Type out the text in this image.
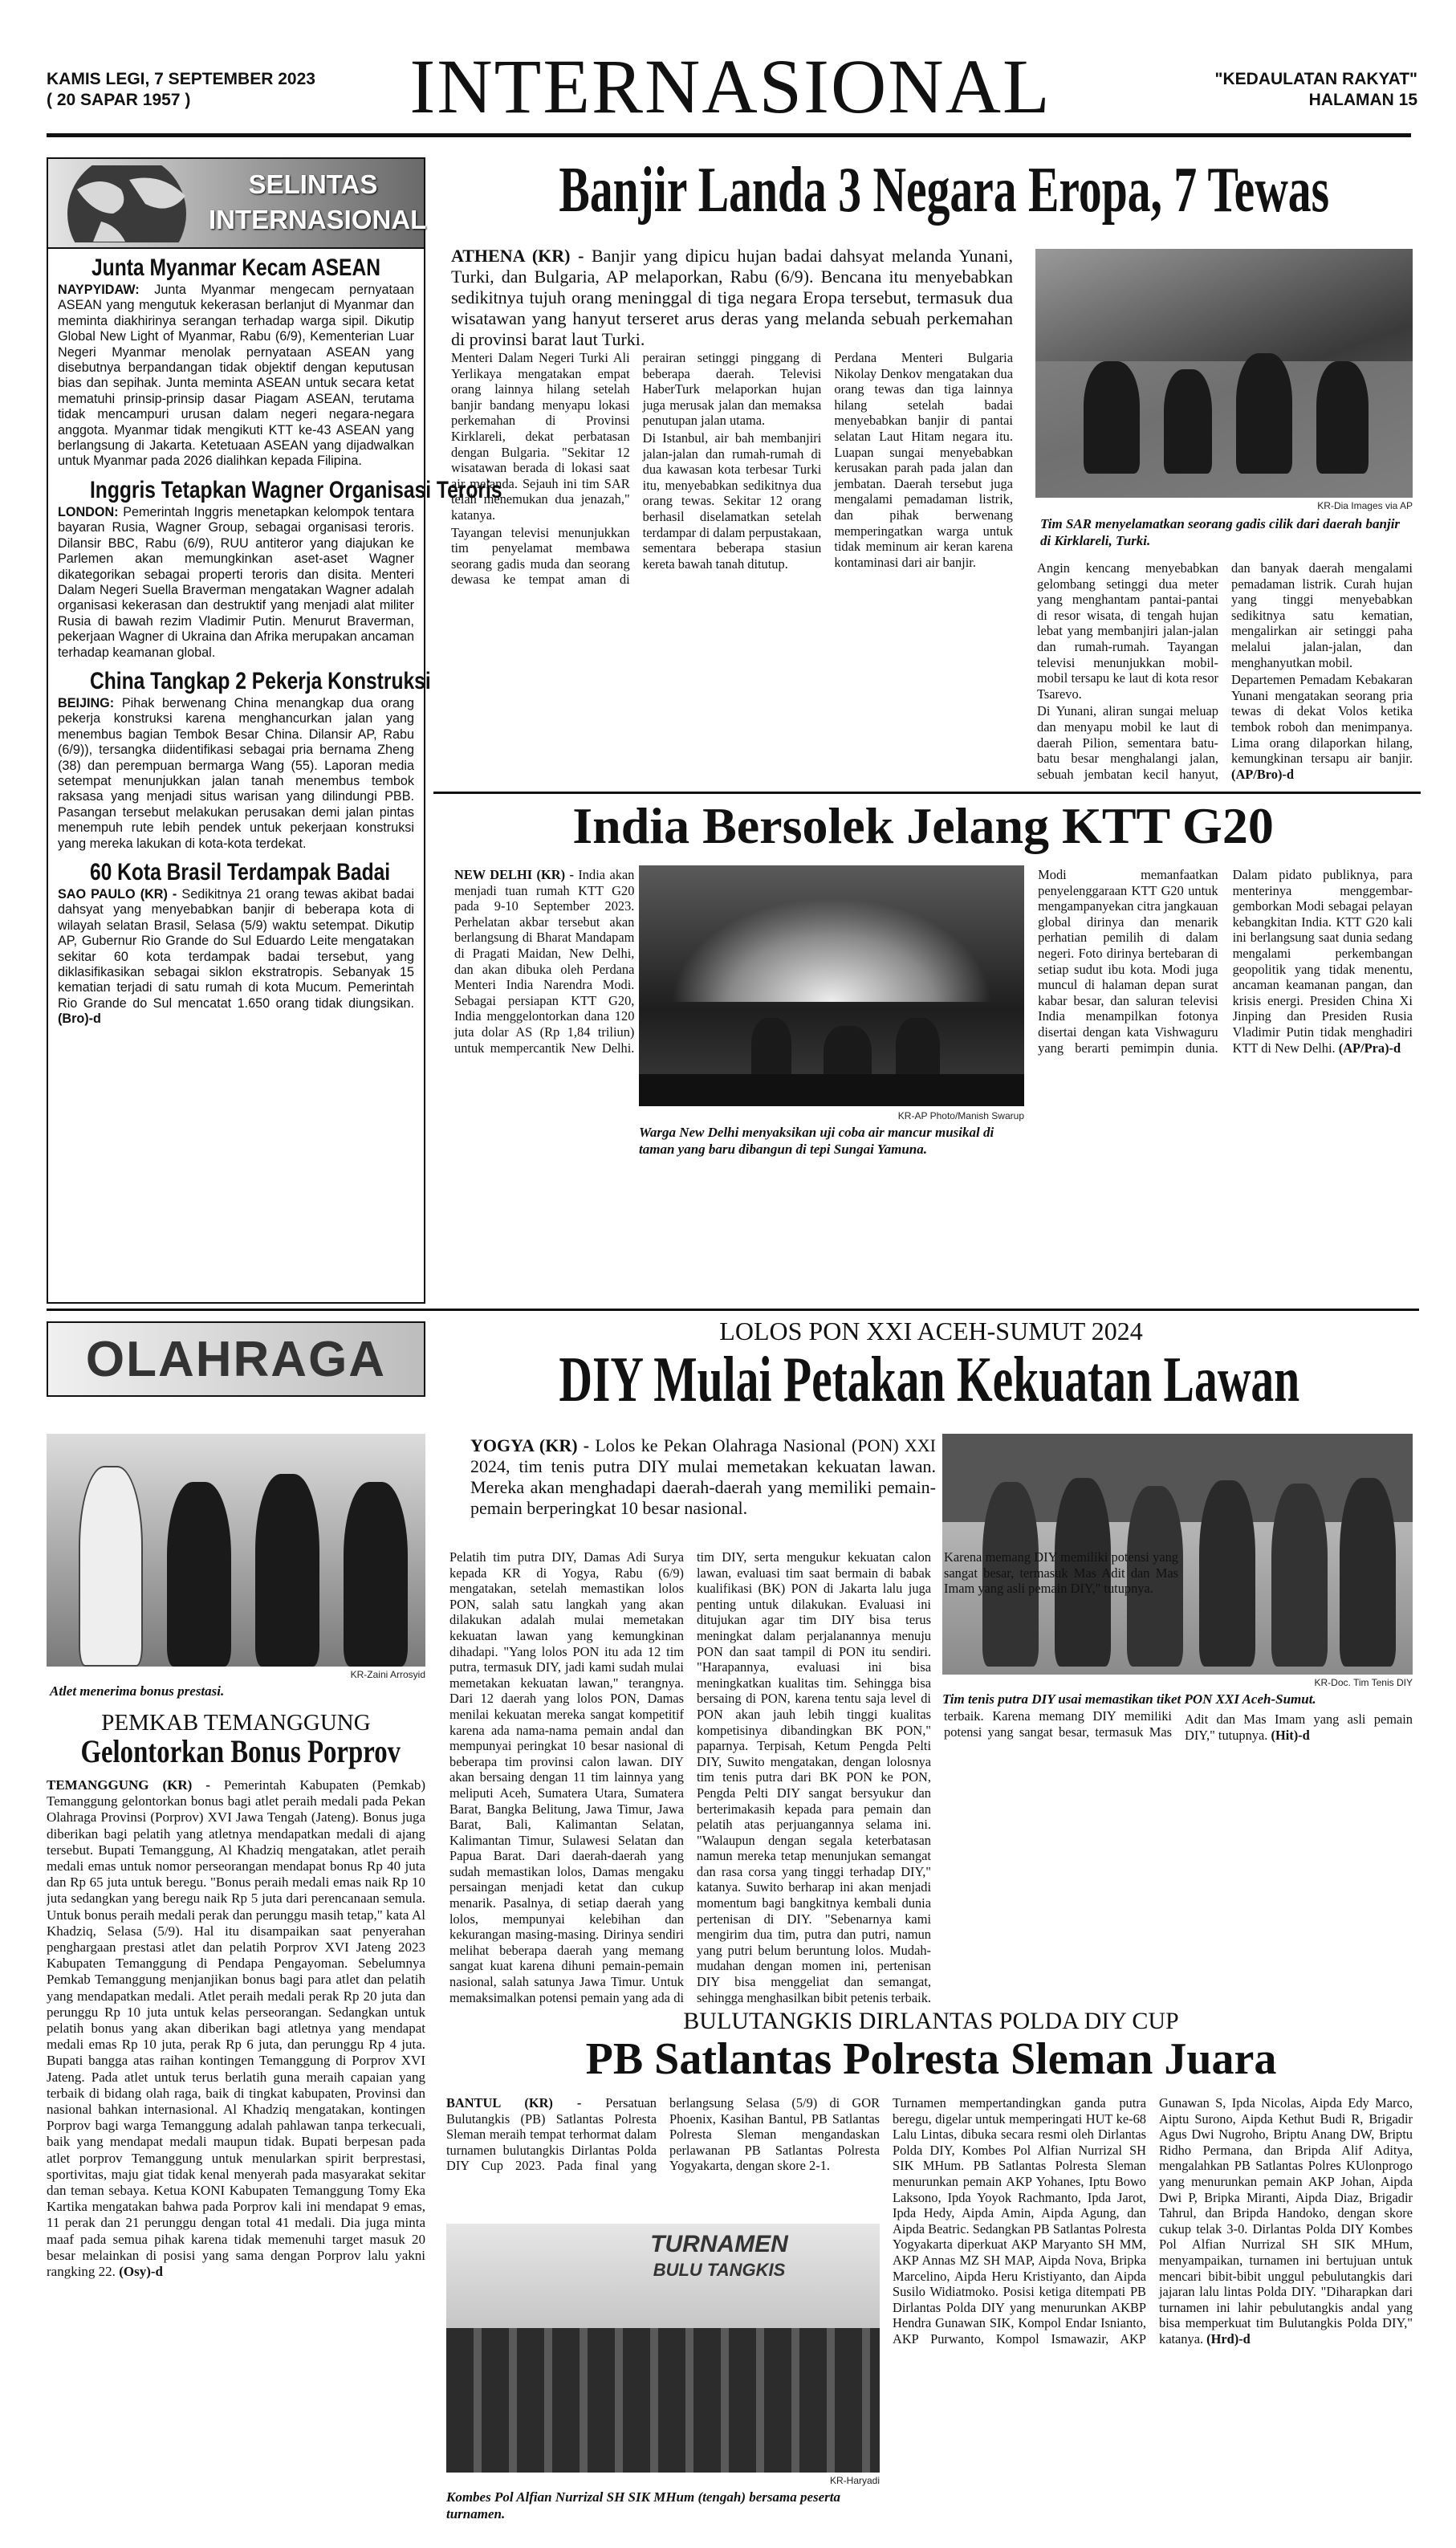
KAMIS LEGI, 7 SEPTEMBER 2023
( 20 SAPAR 1957 )	INTERNASIONAL	"KEDAULATAN RAKYAT"
HALAMAN 15
SELINTAS
INTERNASIONAL
Junta Myanmar Kecam ASEAN

NAYPYIDAW: Junta Myanmar mengecam pernyataan ASEAN yang mengutuk kekerasan berlanjut di Myanmar dan meminta diakhirinya serangan terhadap warga sipil. Dikutip Global New Light of Myanmar, Rabu (6/9), Kementerian Luar Negeri Myanmar menolak pernyataan ASEAN yang disebutnya berpandangan tidak objektif dengan keputusan bias dan sepihak. Junta meminta ASEAN untuk secara ketat mematuhi prinsip-prinsip dasar Piagam ASEAN, terutama tidak mencampuri urusan dalam negeri negara-negara anggota. Myanmar tidak mengikuti KTT ke-43 ASEAN yang berlangsung di Jakarta. Ketetuaan ASEAN yang dijadwalkan untuk Myanmar pada 2026 dialihkan kepada Filipina.

Inggris Tetapkan Wagner Organisasi Teroris

LONDON: Pemerintah Inggris menetapkan kelompok tentara bayaran Rusia, Wagner Group, sebagai organisasi teroris. Dilansir BBC, Rabu (6/9), RUU antiteror yang diajukan ke Parlemen akan memungkinkan aset-aset Wagner dikategorikan sebagai properti teroris dan disita. Menteri Dalam Negeri Suella Braverman mengatakan Wagner adalah organisasi kekerasan dan destruktif yang menjadi alat militer Rusia di bawah rezim Vladimir Putin. Menurut Braverman, pekerjaan Wagner di Ukraina dan Afrika merupakan ancaman terhadap keamanan global.

China Tangkap 2 Pekerja Konstruksi

BEIJING: Pihak berwenang China menangkap dua orang pekerja konstruksi karena menghancurkan jalan yang menembus bagian Tembok Besar China. Dilansir AP, Rabu (6/9)), tersangka diidentifikasi sebagai pria bernama Zheng (38) dan perempuan bermarga Wang (55). Laporan media setempat menunjukkan jalan tanah menembus tembok raksasa yang menjadi situs warisan yang dilindungi PBB. Pasangan tersebut melakukan perusakan demi jalan pintas menempuh rute lebih pendek untuk pekerjaan konstruksi yang mereka lakukan di kota-kota terdekat.

60 Kota Brasil Terdampak Badai

SAO PAULO (KR) - Sedikitnya 21 orang tewas akibat badai dahsyat yang menyebabkan banjir di beberapa kota di wilayah selatan Brasil, Selasa (5/9) waktu setempat. Dikutip AP, Gubernur Rio Grande do Sul Eduardo Leite mengatakan sekitar 60 kota terdampak badai tersebut, yang diklasifikasikan sebagai siklon ekstratropis. Sebanyak 15 kematian terjadi di satu rumah di kota Mucum. Pemerintah Rio Grande do Sul mencatat 1.650 orang tidak diungsikan. (Bro)-d

Banjir Landa 3 Negara Eropa, 7 Tewas
ATHENA (KR) - Banjir yang dipicu hujan badai dahsyat melanda Yunani, Turki, dan Bulgaria, AP melaporkan, Rabu (6/9). Bencana itu menyebabkan sedikitnya tujuh orang meninggal di tiga negara Eropa tersebut, termasuk dua wisatawan yang hanyut terseret arus deras yang melanda sebuah perkemahan di provinsi barat laut Turki.

Menteri Dalam Negeri Turki Ali Yerlikaya mengatakan empat orang lainnya hilang setelah banjir bandang menyapu lokasi perkemahan di Provinsi Kirklareli, dekat perbatasan dengan Bulgaria. "Sekitar 12 wisatawan berada di lokasi saat air melanda. Sejauh ini tim SAR telah menemukan dua jenazah," katanya.

Tayangan televisi menunjukkan tim penyelamat membawa seorang gadis muda dan seorang dewasa ke tempat aman di perairan setinggi pinggang di beberapa daerah. Televisi HaberTurk melaporkan hujan juga merusak jalan dan memaksa penutupan jalan utama.

Di Istanbul, air bah membanjiri jalan-jalan dan rumah-rumah di dua kawasan kota terbesar Turki itu, menyebabkan sedikitnya dua orang tewas. Sekitar 12 orang berhasil diselamatkan setelah terdampar di dalam perpustakaan, sementara beberapa stasiun kereta bawah tanah ditutup.

Perdana Menteri Bulgaria Nikolay Denkov mengatakan dua orang tewas dan tiga lainnya hilang setelah badai menyebabkan banjir di pantai selatan Laut Hitam negara itu. Luapan sungai menyebabkan kerusakan parah pada jalan dan jembatan. Daerah tersebut juga mengalami pemadaman listrik, dan pihak berwenang memperingatkan warga untuk tidak meminum air keran karena kontaminasi dari air banjir.

KR-Dia Images via AP
Tim SAR menyelamatkan seorang gadis cilik dari daerah banjir di Kirklareli, Turki.

Angin kencang menyebabkan gelombang setinggi dua meter yang menghantam pantai-pantai di resor wisata, di tengah hujan lebat yang membanjiri jalan-jalan dan rumah-rumah. Tayangan televisi menunjukkan mobil-mobil tersapu ke laut di kota resor Tsarevo.

Di Yunani, aliran sungai meluap dan menyapu mobil ke laut di daerah Pilion, sementara batu-batu besar menghalangi jalan, sebuah jembatan kecil hanyut, dan banyak daerah mengalami pemadaman listrik. Curah hujan yang tinggi menyebabkan sedikitnya satu kematian, mengalirkan air setinggi paha melalui jalan-jalan, dan menghanyutkan mobil.

Departemen Pemadam Kebakaran Yunani mengatakan seorang pria tewas di dekat Volos ketika tembok roboh dan menimpanya. Lima orang dilaporkan hilang, kemungkinan tersapu air banjir. (AP/Bro)-d

India Bersolek Jelang KTT G20

NEW DELHI (KR) - India akan menjadi tuan rumah KTT G20 pada 9-10 September 2023. Perhelatan akbar tersebut akan berlangsung di Bharat Mandapam di Pragati Maidan, New Delhi, dan akan dibuka oleh Perdana Menteri India Narendra Modi. Sebagai persiapan KTT G20, India menggelontorkan dana 120 juta dolar AS (Rp 1,84 triliun) untuk mempercantik New Delhi. Modi memanfaatkan penyelenggaraan KTT G20 untuk mengampanyekan citra jangkauan global dirinya dan menarik perhatian pemilih di dalam negeri. Foto dirinya bertebaran di setiap sudut ibu kota. Modi juga muncul di halaman depan surat kabar besar, dan saluran televisi India menampilkan fotonya disertai dengan kata Vishwaguru yang berarti pemimpin dunia. Dalam pidato publiknya, para menterinya menggembar-gemborkan Modi sebagai pelayan kebangkitan India. KTT G20 kali ini berlangsung saat dunia sedang mengalami perkembangan geopolitik yang tidak menentu, ancaman keamanan pangan, dan krisis energi. Presiden China Xi Jinping dan Presiden Rusia Vladimir Putin tidak menghadiri KTT di New Delhi. (AP/Pra)-d

KR-AP Photo/Manish Swarup
Warga New Delhi menyaksikan uji coba air mancur musikal di taman yang baru dibangun di tepi Sungai Yamuna.
OLAHRAGA
LOLOS PON XXI ACEH-SUMUT 2024
DIY Mulai Petakan Kekuatan Lawan
YOGYA (KR) - Lolos ke Pekan Olahraga Nasional (PON) XXI 2024, tim tenis putra DIY mulai memetakan kekuatan lawan. Mereka akan menghadapi daerah-daerah yang memiliki pemain-pemain berperingkat 10 besar nasional.
KR-Doc. Tim Tenis DIY
Tim tenis putra DIY usai memastikan tiket PON XXI Aceh-Sumut.

Pelatih tim putra DIY, Damas Adi Surya kepada KR di Yogya, Rabu (6/9) mengatakan, setelah memastikan lolos PON, salah satu langkah yang akan dilakukan adalah mulai memetakan kekuatan lawan yang kemungkinan dihadapi. "Yang lolos PON itu ada 12 tim putra, termasuk DIY, jadi kami sudah mulai memetakan kekuatan lawan," terangnya. Dari 12 daerah yang lolos PON, Damas menilai kekuatan mereka sangat kompetitif karena ada nama-nama pemain andal dan mempunyai peringkat 10 besar nasional di beberapa tim provinsi calon lawan. DIY akan bersaing dengan 11 tim lainnya yang meliputi Aceh, Sumatera Utara, Sumatera Barat, Bangka Belitung, Jawa Timur, Jawa Barat, Bali, Kalimantan Selatan, Kalimantan Timur, Sulawesi Selatan dan Papua Barat. Dari daerah-daerah yang sudah memastikan lolos, Damas mengaku persaingan menjadi ketat dan cukup menarik. Pasalnya, di setiap daerah yang lolos, mempunyai kelebihan dan kekurangan masing-masing. Dirinya sendiri melihat beberapa daerah yang memang sangat kuat karena dihuni pemain-pemain nasional, salah satunya Jawa Timur. Untuk memaksimalkan potensi pemain yang ada di tim DIY, serta mengukur kekuatan calon lawan, evaluasi tim saat bermain di babak kualifikasi (BK) PON di Jakarta lalu juga penting untuk dilakukan. Evaluasi ini ditujukan agar tim DIY bisa terus meningkat dalam perjalanannya menuju PON dan saat tampil di PON itu sendiri. "Harapannya, evaluasi ini bisa meningkatkan kualitas tim. Sehingga bisa bersaing di PON, karena tentu saja level di PON akan jauh lebih tinggi kualitas kompetisinya dibandingkan BK PON," paparnya. Terpisah, Ketum Pengda Pelti DIY, Suwito mengatakan, dengan lolosnya tim tenis putra dari BK PON ke PON, Pengda Pelti DIY sangat bersyukur dan berterimakasih kepada para pemain dan pelatih atas perjuangannya selama ini. "Walaupun dengan segala keterbatasan namun mereka tetap menunjukan semangat dan rasa corsa yang tinggi terhadap DIY," katanya. Suwito berharap ini akan menjadi momentum bagi bangkitnya kembali dunia pertenisan di DIY. "Sebenarnya kami mengirim dua tim, putra dan putri, namun yang putri belum beruntung lolos. Mudah-mudahan dengan momen ini, pertenisan DIY bisa menggeliat dan semangat, sehingga menghasilkan bibit petenis terbaik. Karena memang DIY memiliki potensi yang sangat besar, termasuk Mas Adit dan Mas Imam yang asli pemain DIY," tutupnya.

terbaik. Karena memang DIY memiliki potensi yang sangat besar, termasuk Mas Adit dan Mas Imam yang asli pemain DIY," tutupnya. (Hit)-d

KR-Zaini Arrosyid
Atlet menerima bonus prestasi.
PEMKAB TEMANGGUNG
Gelontorkan Bonus Porprov

TEMANGGUNG (KR) - Pemerintah Kabupaten (Pemkab) Temanggung gelontorkan bonus bagi atlet peraih medali pada Pekan Olahraga Provinsi (Porprov) XVI Jawa Tengah (Jateng). Bonus juga diberikan bagi pelatih yang atletnya mendapatkan medali di ajang tersebut. Bupati Temanggung, Al Khadziq mengatakan, atlet peraih medali emas untuk nomor perseorangan mendapat bonus Rp 40 juta dan Rp 65 juta untuk beregu. "Bonus peraih medali emas naik Rp 10 juta sedangkan yang beregu naik Rp 5 juta dari perencanaan semula. Untuk bonus peraih medali perak dan perunggu masih tetap," kata Al Khadziq, Selasa (5/9). Hal itu disampaikan saat penyerahan penghargaan prestasi atlet dan pelatih Porprov XVI Jateng 2023 Kabupaten Temanggung di Pendapa Pengayoman. Sebelumnya Pemkab Temanggung menjanjikan bonus bagi para atlet dan pelatih yang mendapatkan medali. Atlet peraih medali perak Rp 20 juta dan perunggu Rp 10 juta untuk kelas perseorangan. Sedangkan untuk pelatih bonus yang akan diberikan bagi atletnya yang mendapat medali emas Rp 10 juta, perak Rp 6 juta, dan perunggu Rp 4 juta. Bupati bangga atas raihan kontingen Temanggung di Porprov XVI Jateng. Pada atlet untuk terus berlatih guna meraih capaian yang terbaik di bidang olah raga, baik di tingkat kabupaten, Provinsi dan nasional bahkan internasional. Al Khadziq mengatakan, kontingen Porprov bagi warga Temanggung adalah pahlawan tanpa terkecuali, baik yang mendapat medali maupun tidak. Bupati berpesan pada atlet porprov Temanggung untuk menularkan spirit berprestasi, sportivitas, maju giat tidak kenal menyerah pada masyarakat sekitar dan teman sebaya. Ketua KONI Kabupaten Temanggung Tomy Eka Kartika mengatakan bahwa pada Porprov kali ini mendapat 9 emas, 11 perak dan 21 perunggu dengan total 41 medali. Dia juga minta maaf pada semua pihak karena tidak memenuhi target masuk 20 besar melainkan di posisi yang sama dengan Porprov lalu yakni rangking 22. (Osy)-d

BULUTANGKIS DIRLANTAS POLDA DIY CUP
PB Satlantas Polresta Sleman Juara

BANTUL (KR) - Persatuan Bulutangkis (PB) Satlantas Polresta Sleman meraih tempat terhormat dalam turnamen bulutangkis Dirlantas Polda DIY Cup 2023. Pada final yang berlangsung Selasa (5/9) di GOR Phoenix, Kasihan Bantul, PB Satlantas Polresta Sleman mengandaskan perlawanan PB Satlantas Polresta Yogyakarta, dengan skore 2-1.

TURNAMEN
BULU TANGKIS
KR-Haryadi
Kombes Pol Alfian Nurrizal SH SIK MHum (tengah) bersama peserta turnamen.

Turnamen mempertandingkan ganda putra beregu, digelar untuk memperingati HUT ke-68 Lalu Lintas, dibuka secara resmi oleh Dirlantas Polda DIY, Kombes Pol Alfian Nurrizal SH SIK MHum. PB Satlantas Polresta Sleman menurunkan pemain AKP Yohanes, Iptu Bowo Laksono, Ipda Yoyok Rachmanto, Ipda Jarot, Ipda Hedy, Aipda Amin, Aipda Agung, dan Aipda Beatric. Sedangkan PB Satlantas Polresta Yogyakarta diperkuat AKP Maryanto SH MM, AKP Annas MZ SH MAP, Aipda Nova, Bripka Marcelino, Aipda Heru Kristiyanto, dan Aipda Susilo Widiatmoko. Posisi ketiga ditempati PB Dirlantas Polda DIY yang menurunkan AKBP Hendra Gunawan SIK, Kompol Endar Isnianto, AKP Purwanto, Kompol Ismawazir, AKP Gunawan S, Ipda Nicolas, Aipda Edy Marco, Aiptu Surono, Aipda Kethut Budi R, Brigadir Agus Dwi Nugroho, Briptu Anang DW, Briptu Ridho Permana, dan Bripda Alif Aditya, mengalahkan PB Satlantas Polres KUlonprogo yang menurunkan pemain AKP Johan, Aipda Dwi P, Bripka Miranti, Aipda Diaz, Brigadir Tahrul, dan Bripda Handoko, dengan skore cukup telak 3-0. Dirlantas Polda DIY Kombes Pol Alfian Nurrizal SH SIK MHum, menyampaikan, turnamen ini bertujuan untuk mencari bibit-bibit unggul pebulutangkis dari jajaran lalu lintas Polda DIY. "Diharapkan dari turnamen ini lahir pebulutangkis andal yang bisa memperkuat tim Bulutangkis Polda DIY," katanya. (Hrd)-d
